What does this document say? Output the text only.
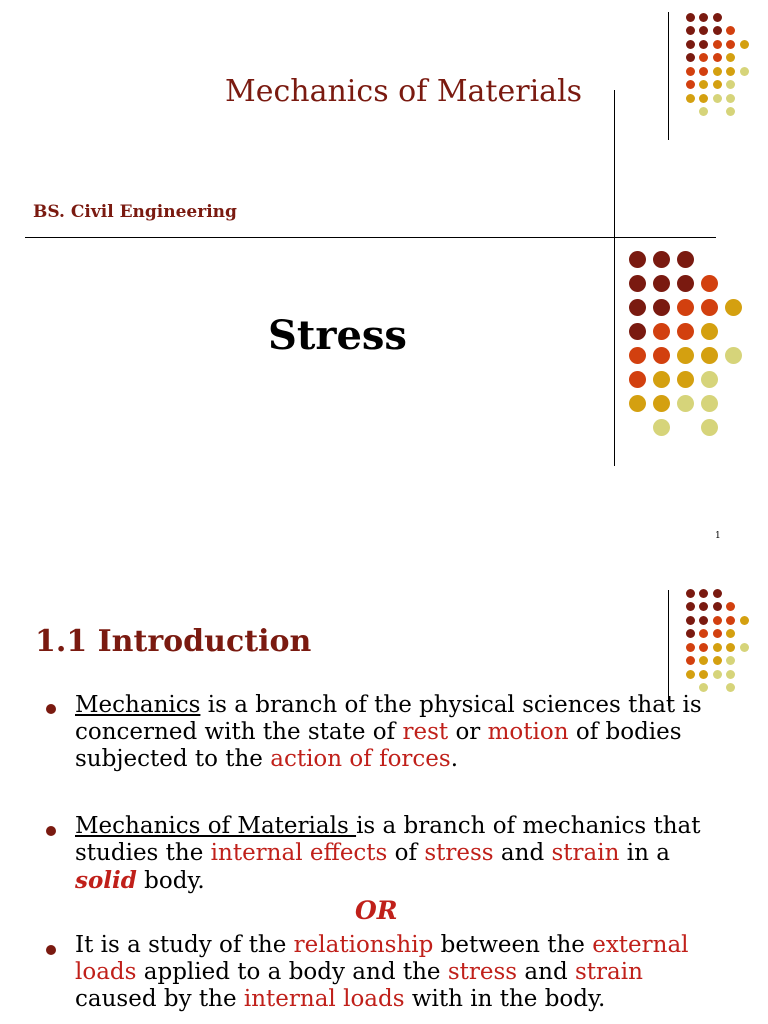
Mechanics of Materials
BS. Civil Engineering
Stress
1
1.1 Introduction
Mechanics is a branch of the physical sciences that is concerned with the state of rest or motion of bodies subjected to the action of forces.
Mechanics of Materials is a branch of mechanics that studies the internal effects of stress and strain in a solid body.
OR
It is a study of the relationship between the external loads applied to a body and the stress and strain caused by the internal loads with in the body.
